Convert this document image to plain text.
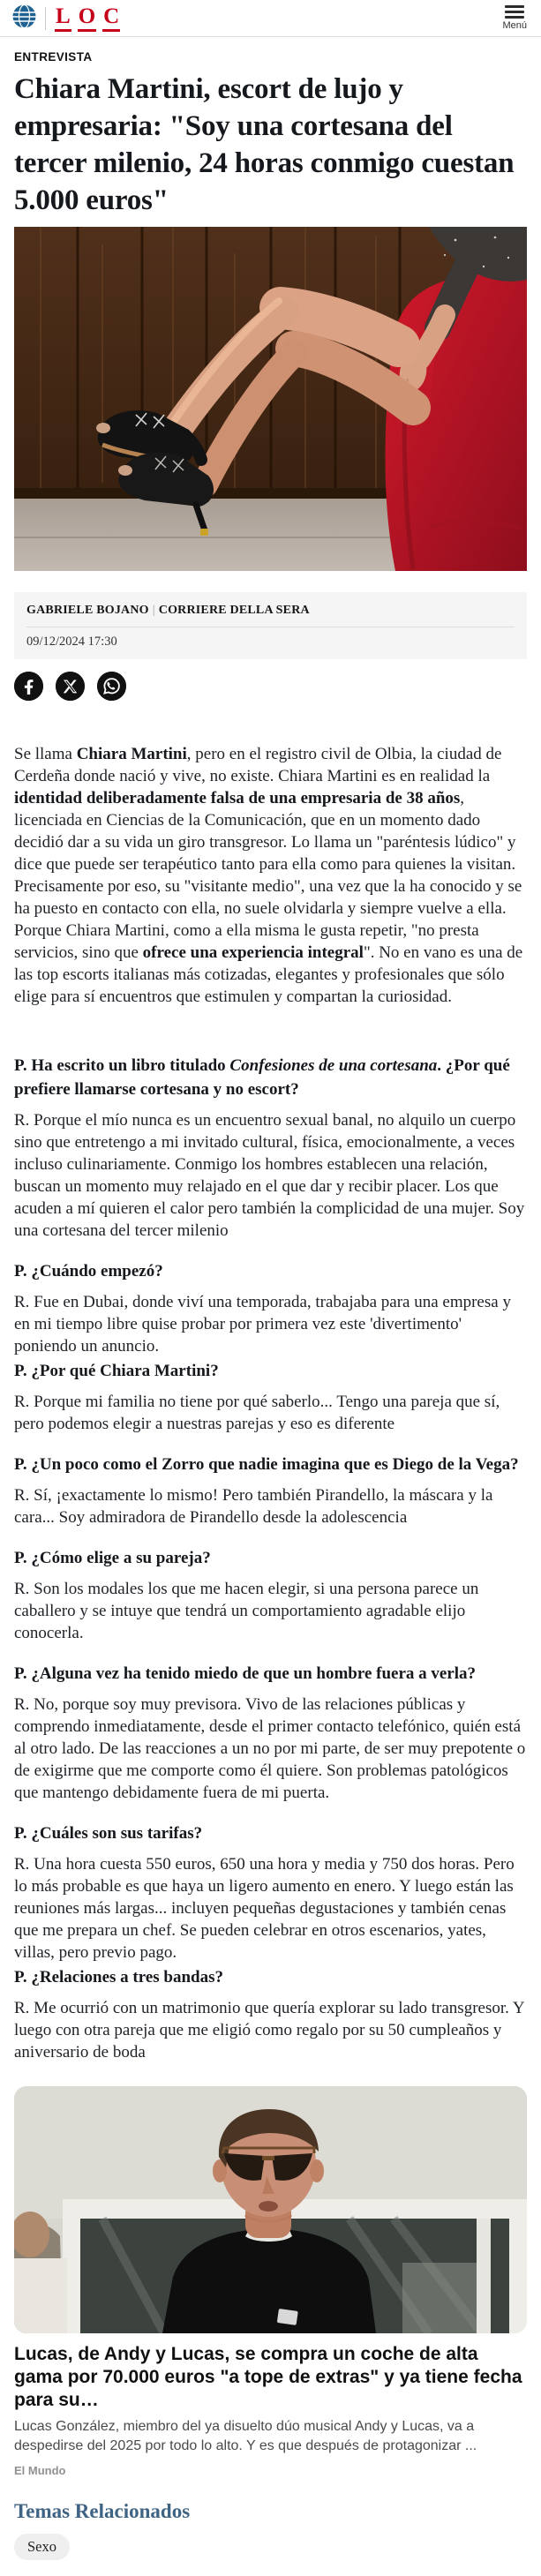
L O C	Menú
ENTREVISTA
Chiara Martini, escort de lujo y empresaria: "Soy una cortesana del tercer milenio, 24 horas conmigo cuestan 5.000 euros"
GABRIELE BOJANO | CORRIERE DELLA SERA
09/12/2024 17:30

Se llama Chiara Martini, pero en el registro civil de Olbia, la ciudad de Cerdeña donde nació y vive, no existe. Chiara Martini es en realidad la identidad deliberadamente falsa de una empresaria de 38 años, licenciada en Ciencias de la Comunicación, que en un momento dado decidió dar a su vida un giro transgresor. Lo llama un "paréntesis lúdico" y dice que puede ser terapéutico tanto para ella como para quienes la visitan. Precisamente por eso, su "visitante medio", una vez que la ha conocido y se ha puesto en contacto con ella, no suele olvidarla y siempre vuelve a ella. Porque Chiara Martini, como a ella misma le gusta repetir, "no presta servicios, sino que ofrece una experiencia integral". No en vano es una de las top escorts italianas más cotizadas, elegantes y profesionales que sólo elige para sí encuentros que estimulen y compartan la curiosidad.

P. Ha escrito un libro titulado Confesiones de una cortesana. ¿Por qué prefiere llamarse cortesana y no escort?

R. Porque el mío nunca es un encuentro sexual banal, no alquilo un cuerpo sino que entretengo a mi invitado cultural, física, emocionalmente, a veces incluso culinariamente. Conmigo los hombres establecen una relación, buscan un momento muy relajado en el que dar y recibir placer. Los que acuden a mí quieren el calor pero también la complicidad de una mujer. Soy una cortesana del tercer milenio

P. ¿Cuándo empezó?

R. Fue en Dubai, donde viví una temporada, trabajaba para una empresa y en mi tiempo libre quise probar por primera vez este 'divertimento' poniendo un anuncio.

P. ¿Por qué Chiara Martini?

R. Porque mi familia no tiene por qué saberlo... Tengo una pareja que sí, pero podemos elegir a nuestras parejas y eso es diferente

P. ¿Un poco como el Zorro que nadie imagina que es Diego de la Vega?

R. Sí, ¡exactamente lo mismo! Pero también Pirandello, la máscara y la cara... Soy admiradora de Pirandello desde la adolescencia

P. ¿Cómo elige a su pareja?

R. Son los modales los que me hacen elegir, si una persona parece un caballero y se intuye que tendrá un comportamiento agradable elijo conocerla.

P. ¿Alguna vez ha tenido miedo de que un hombre fuera a verla?

R. No, porque soy muy previsora. Vivo de las relaciones públicas y comprendo inmediatamente, desde el primer contacto telefónico, quién está al otro lado. De las reacciones a un no por mi parte, de ser muy prepotente o de exigirme que me comporte como él quiere. Son problemas patológicos que mantengo debidamente fuera de mi puerta.

P. ¿Cuáles son sus tarifas?

R. Una hora cuesta 550 euros, 650 una hora y media y 750 dos horas. Pero lo más probable es que haya un ligero aumento en enero. Y luego están las reuniones más largas... incluyen pequeñas degustaciones y también cenas que me prepara un chef. Se pueden celebrar en otros escenarios, yates, villas, pero previo pago.

P. ¿Relaciones a tres bandas?

R. Me ocurrió con un matrimonio que quería explorar su lado transgresor. Y luego con otra pareja que me eligió como regalo por su 50 cumpleaños y aniversario de boda

Lucas, de Andy y Lucas, se compra un coche de alta gama por 70.000 euros "a tope de extras" y ya tiene fecha para su…
Lucas González, miembro del ya disuelto dúo musical Andy y Lucas, va a despedirse del 2025 por todo lo alto. Y es que después de protagonizar ...
El Mundo
Temas Relacionados
Sexo
